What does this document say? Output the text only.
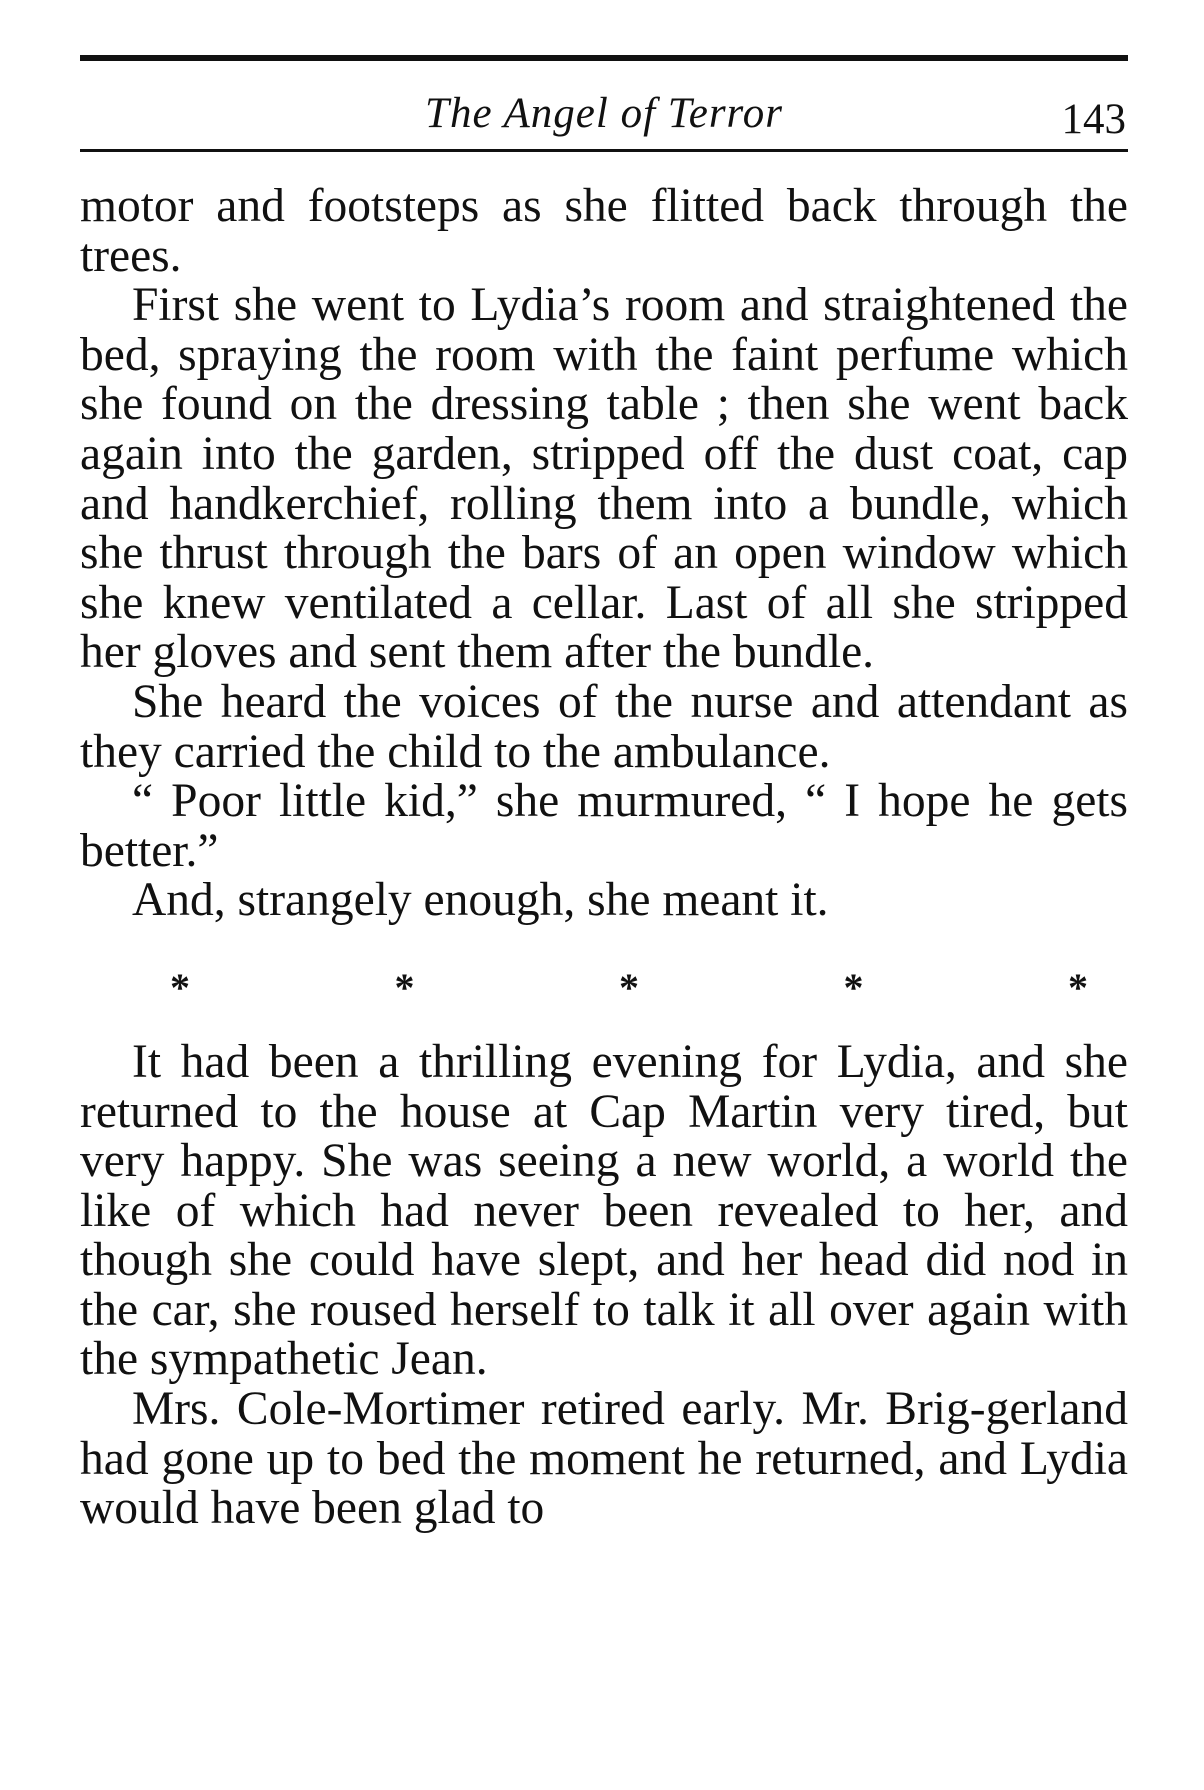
The Angel of Terror	143

motor and footsteps as she flitted back through the trees.

First she went to Lydia’s room and straightened the bed, spraying the room with the faint perfume which she found on the dressing table ; then she went back again into the garden, stripped off the dust coat, cap and handkerchief, rolling them into a bundle, which she thrust through the bars of an open window which she knew ventilated a cellar. Last of all she stripped her gloves and sent them after the bundle.

She heard the voices of the nurse and attendant as they carried the child to the ambulance.

“ Poor little kid,” she murmured, “ I hope he gets better.”

And, strangely enough, she meant it.

*	*	*	*	*

It had been a thrilling evening for Lydia, and she returned to the house at Cap Martin very tired, but very happy. She was seeing a new world, a world the like of which had never been revealed to her, and though she could have slept, and her head did nod in the car, she roused herself to talk it all over again with the sympathetic Jean.

Mrs. Cole-Mortimer retired early. Mr. Brig-gerland had gone up to bed the moment he returned, and Lydia would have been glad to
